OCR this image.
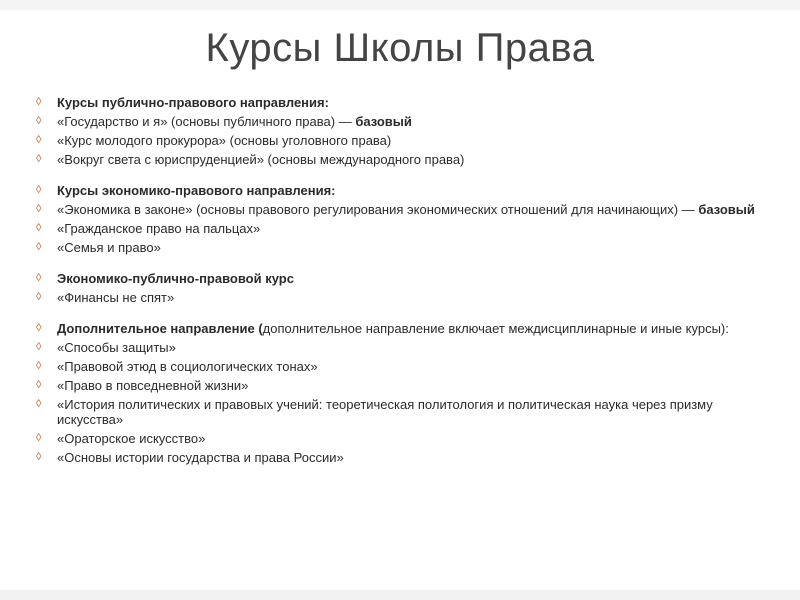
Курсы Школы Права
◊ Курсы публично-правового направления:
◊ «Государство и я» (основы публичного права) — базовый
◊ «Курс молодого прокурора» (основы уголовного права)
◊ «Вокруг света с юриспруденцией» (основы международного права)
◊ Курсы экономико-правового направления:
◊ «Экономика в законе» (основы правового регулирования экономических отношений для начинающих) — базовый
◊ «Гражданское право на пальцах»
◊ «Семья и право»
◊ Экономико-публично-правовой курс
◊ «Финансы не спят»
◊ Дополнительное направление (дополнительное направление включает междисциплинарные и иные курсы):
◊ «Способы защиты»
◊ «Правовой этюд в социологических тонах»
◊ «Право в повседневной жизни»
◊ «История политических и правовых учений: теоретическая политология и политическая наука через призму искусства»
◊ «Ораторское искусство»
◊ «Основы истории государства и права России»
